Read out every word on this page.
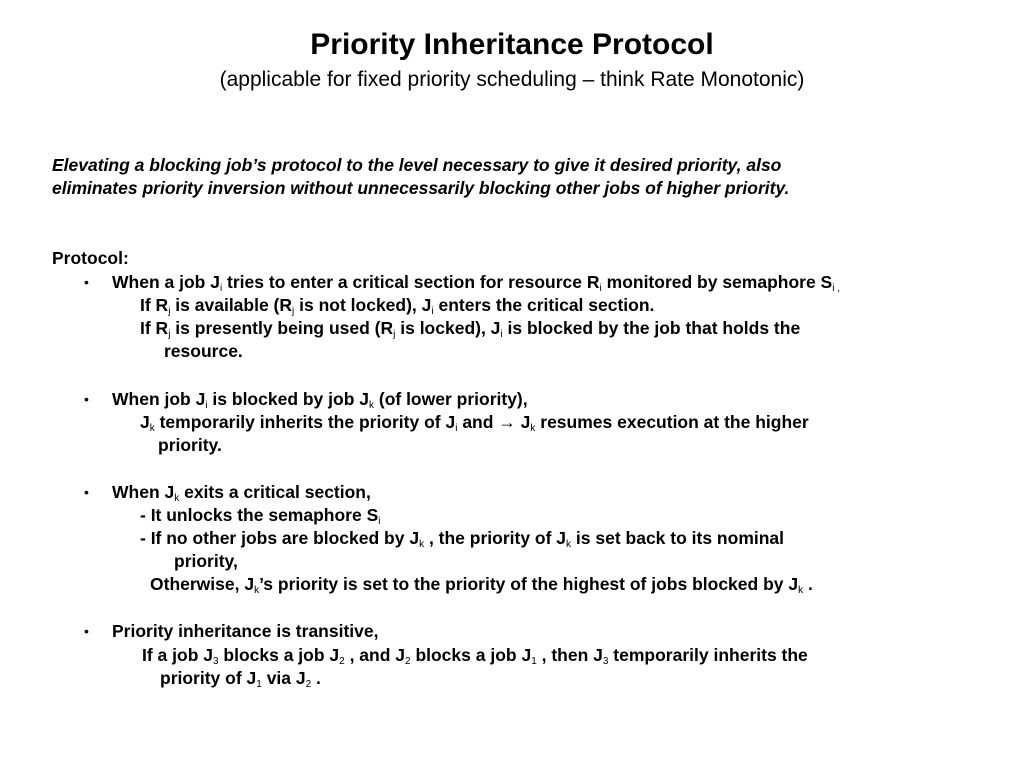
Priority Inheritance Protocol
(applicable for fixed priority scheduling – think Rate Monotonic)
Elevating a blocking job’s protocol to the level necessary to give it desired priority, also
eliminates priority inversion without unnecessarily blocking other jobs of higher priority.
Protocol:
• When a job $J_i$ tries to enter a critical section for resource $R_i$ monitored by semaphore $S_i$ $_,$
If $R_j$ is available ($R_j$ is not locked), $J_i$ enters the critical section.
If $R_j$ is presently being used ($R_j$ is locked), $J_i$ is blocked by the job that holds the
resource.
• When job $J_i$ is blocked by job $J_k$ (of lower priority),
$J_k$ temporarily inherits the priority of $J_i$ and → $J_k$ resumes execution at the higher
priority.
• When $J_k$ exits a critical section,
- It unlocks the semaphore $S_i$
- If no other jobs are blocked by $J_k$ , the priority of $J_k$ is set back to its nominal
priority,
Otherwise, $J_k’s$ priority is set to the priority of the highest of jobs blocked by $J_k$ .
• Priority inheritance is transitive,
If a job $J_3$ blocks a job $J_2$ , and $J_2$ blocks a job $J_1$ , then $J_3$ temporarily inherits the
priority of $J_1$ via $J_2$ .
